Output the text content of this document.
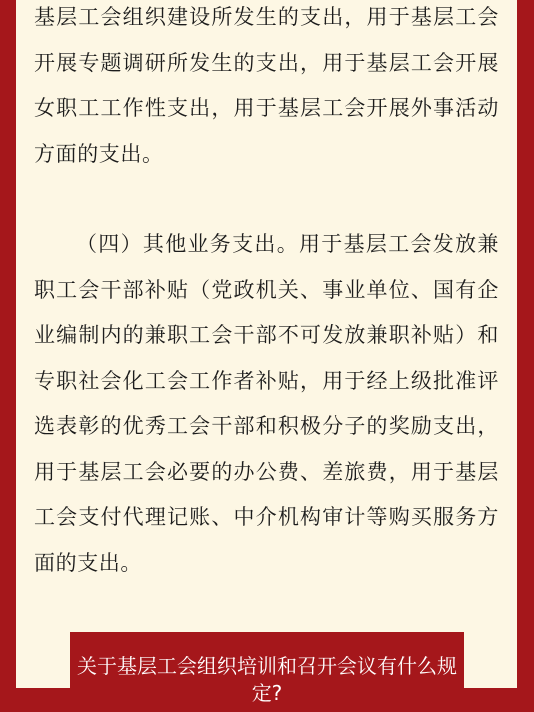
基层工会组织建设所发生的支出，用于基层工会开展专题调研所发生的支出，用于基层工会开展女职工工作性支出，用于基层工会开展外事活动方面的支出。

（四）其他业务支出。用于基层工会发放兼职工会干部补贴（党政机关、事业单位、国有企业编制内的兼职工会干部不可发放兼职补贴）和专职社会化工会工作者补贴，用于经上级批准评选表彰的优秀工会干部和积极分子的奖励支出，用于基层工会必要的办公费、差旅费，用于基层工会支付代理记账、中介机构审计等购买服务方面的支出。

关于基层工会组织培训和召开会议有什么规定?
